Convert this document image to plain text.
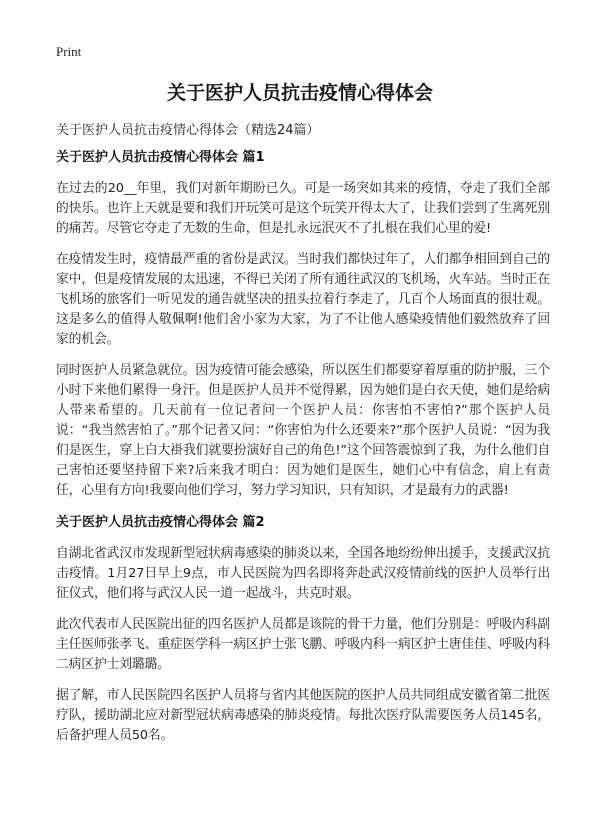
Print
关于医护人员抗击疫情心得体会

关于医护人员抗击疫情心得体会（精选24篇）

关于医护人员抗击疫情心得体会 篇1

在过去的20__年里，我们对新年期盼已久。可是一场突如其来的疫情，夺走了我们全部的快乐。也许上天就是要和我们开玩笑可是这个玩笑开得太大了，让我们尝到了生离死别的痛苦。尽管它夺走了无数的生命，但是扎永远泯灭不了扎根在我们心里的爱!

在疫情发生时，疫情最严重的省份是武汉。当时我们都快过年了，人们都争相回到自己的家中，但是疫情发展的太迅速，不得已关闭了所有通往武汉的飞机场，火车站。当时正在飞机场的旅客们一听见发的通告就坚决的扭头拉着行李走了，几百个人场面真的很壮观。这是多么的值得人敬佩啊!他们舍小家为大家，为了不让他人感染疫情他们毅然放弃了回家的机会。

同时医护人员紧急就位。因为疫情可能会感染，所以医生们都要穿着厚重的防护服，三个小时下来他们累得一身汗。但是医护人员并不觉得累，因为她们是白衣天使，她们是给病人带来希望的。几天前有一位记者问一个医护人员：你害怕不害怕?”那个医护人员说：“我当然害怕了。”那个记者又问：“你害怕为什么还要来?”那个医护人员说：“因为我们是医生，穿上白大褂我们就要扮演好自己的角色!”这个回答震惊到了我，为什么他们自己害怕还要坚持留下来?后来我才明白：因为她们是医生，她们心中有信念，肩上有责任，心里有方向!我要向他们学习，努力学习知识，只有知识，才是最有力的武器!

关于医护人员抗击疫情心得体会 篇2

自湖北省武汉市发现新型冠状病毒感染的肺炎以来，全国各地纷纷伸出援手，支援武汉抗击疫情。1月27日早上9点，市人民医院为四名即将奔赴武汉疫情前线的医护人员举行出征仪式，他们将与武汉人民一道一起战斗，共克时艰。

此次代表市人民医院出征的四名医护人员都是该院的骨干力量，他们分别是：呼吸内科副主任医师张孝飞、重症医学科一病区护士张飞鹏、呼吸内科一病区护士唐佳佳、呼吸内科二病区护士刘璐璐。

据了解，市人民医院四名医护人员将与省内其他医院的医护人员共同组成安徽省第二批医疗队，援助湖北应对新型冠状病毒感染的肺炎疫情。每批次医疗队需要医务人员145名，后备护理人员50名。
